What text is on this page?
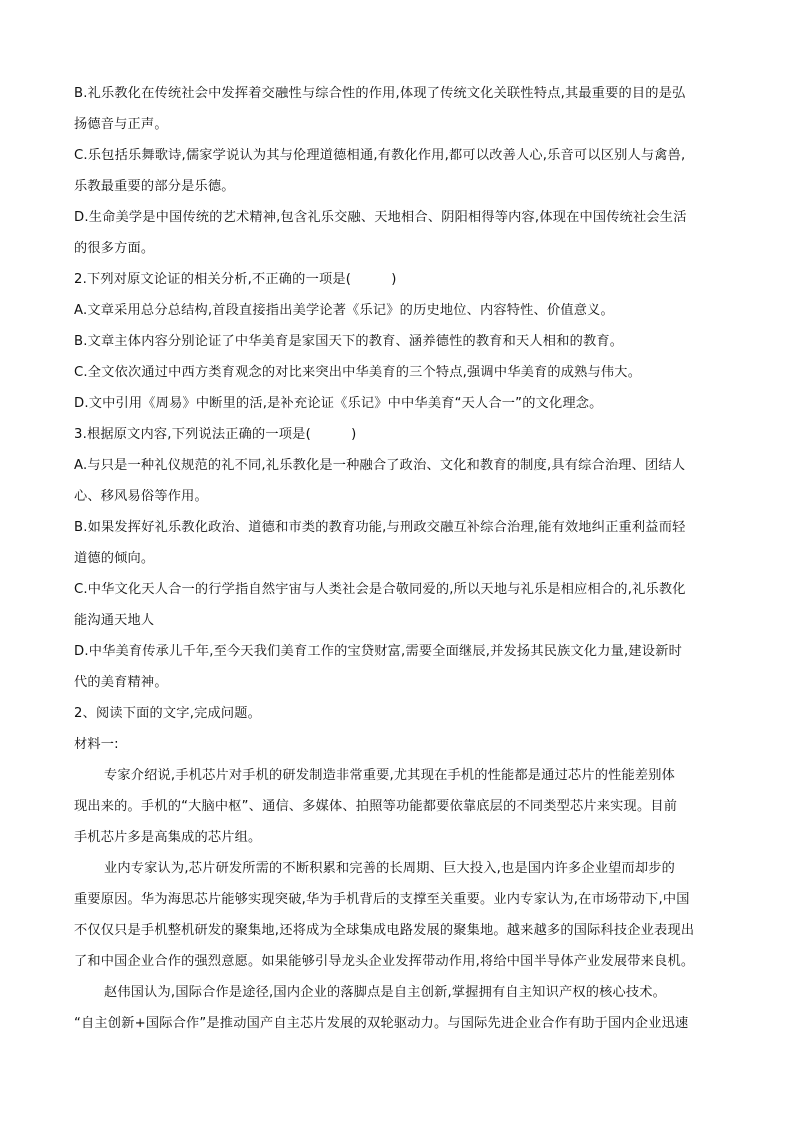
B.礼乐教化在传统社会中发挥着交融性与综合性的作用,体现了传统文化关联性特点,其最重要的目的是弘

扬德音与正声。

C.乐包括乐舞歌诗,儒家学说认为其与伦理道德相通,有教化作用,都可以改善人心,乐音可以区别人与禽兽,

乐教最重要的部分是乐德。

D.生命美学是中国传统的艺术精神,包含礼乐交融、天地相合、阴阳相得等内容,体现在中国传统社会生活

的很多方面。

2.下列对原文论证的相关分析,不正确的一项是(　　　)

A.文章采用总分总结构,首段直接指出美学论著《乐记》的历史地位、内容特性、价值意义。

B.文章主体内容分别论证了中华美育是家国天下的教育、涵养德性的教育和天人相和的教育。

C.全文依次通过中西方类育观念的对比来突出中华美育的三个特点,强调中华美育的成熟与伟大。

D.文中引用《周易》中断里的活,是补充论证《乐记》中中华美育“天人合一”的文化理念。

3.根据原文内容,下列说法正确的一项是(　　　)

A.与只是一种礼仪规范的礼不同,礼乐教化是一种融合了政治、文化和教育的制度,具有综合治理、团结人

心、移风易俗等作用。

B.如果发挥好礼乐教化政治、道德和市类的教育功能,与刑政交融互补综合治理,能有效地纠正重利益而轻

道德的倾向。

C.中华文化天人合一的行学指自然宇宙与人类社会是合敬同爱的,所以天地与礼乐是相应相合的,礼乐教化

能沟通天地人

D.中华美育传承儿千年,至今天我们美育工作的宝贷财富,需要全面继辰,并发扬其民族文化力量,建设新时

代的美育精神。

2、阅读下面的文字,完成问题。

材料一:

专家介绍说,手机芯片对手机的研发制造非常重要,尤其现在手机的性能都是通过芯片的性能差别体

现出来的。手机的“大脑中枢”、通信、多媒体、拍照等功能都要依靠底层的不同类型芯片来实现。目前

手机芯片多是高集成的芯片组。

业内专家认为,芯片研发所需的不断积累和完善的长周期、巨大投入,也是国内许多企业望而却步的

重要原因。华为海思芯片能够实现突破,华为手机背后的支撑至关重要。业内专家认为,在市场带动下,中国

不仅仅只是手机整机研发的聚集地,还将成为全球集成电路发展的聚集地。越来越多的国际科技企业表现出

了和中国企业合作的强烈意愿。如果能够引导龙头企业发挥带动作用,将给中国半导体产业发展带来良机。

赵伟国认为,国际合作是途径,国内企业的落脚点是自主创新,掌握拥有自主知识产权的核心技术。

“自主创新+国际合作”是推动国产自主芯片发展的双轮驱动力。与国际先进企业合作有助于国内企业迅速
